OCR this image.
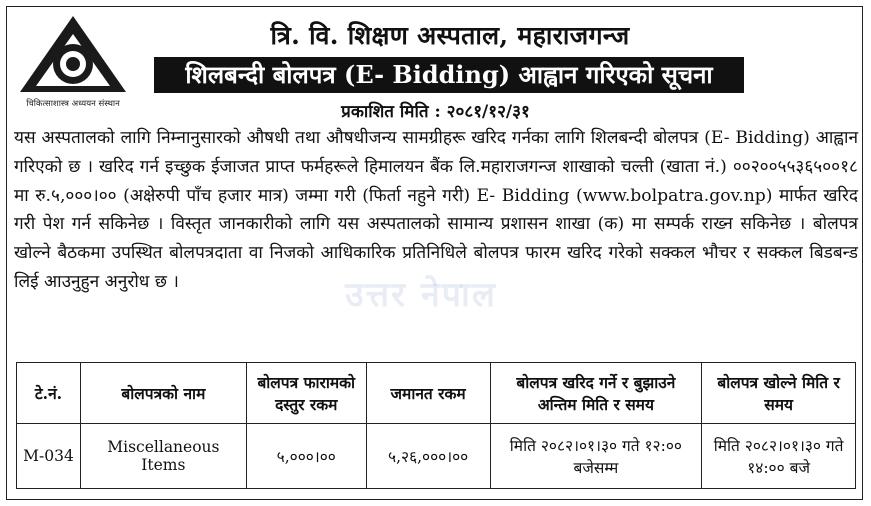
चिकित्साशास्त्र अध्ययन संस्थान
त्रि. वि. शिक्षण अस्पताल, महाराजगन्ज
शिलबन्दी बोलपत्र (E- Bidding) आह्वान गरिएको सूचना
प्रकाशित मिति : २०८१/१२/३१
यस अस्पतालको लागि निम्नानुसारको औषधी तथा औषधीजन्य सामग्रीहरू खरिद गर्नका लागि शिलबन्दी बोलपत्र (E- Bidding) आह्वान गरिएको छ । खरिद गर्न इच्छुक ईजाजत प्राप्त फर्महरूले हिमालयन बैंक लि.महाराजगन्ज शाखाको चल्ती (खाता नं.) ००२००५५३६५००१८ मा रु.५,०००।०० (अक्षेरुपी पाँच हजार मात्र) जम्मा गरी (फिर्ता नहुने गरी) E- Bidding (www.bolpatra.gov.np) मार्फत खरिद गरी पेश गर्न सकिनेछ । विस्तृत जानकारीको लागि यस अस्पतालको सामान्य प्रशासन शाखा (क) मा सम्पर्क राख्न सकिनेछ । बोलपत्र खोल्ने बैठकमा उपस्थित बोलपत्रदाता वा निजको आधिकारिक प्रतिनिधिले बोलपत्र फारम खरिद गरेको सक्कल भौचर र सक्कल बिडबन्ड लिई आउनुहुन अनुरोध छ ।	उत्तर नेपाल
टे.नं.	बोलपत्रको नाम	बोलपत्र फारामको दस्तुर रकम	जमानत रकम	बोलपत्र खरिद गर्ने र बुझाउने अन्तिम मिति र समय	बोलपत्र खोल्ने मिति र समय
M-034	Miscellaneous Items	५,०००।००	५,२६,०००।००	मिति २०८२।०१।३० गते १२:०० बजेसम्म	मिति २०८२।०१।३० गते १४:०० बजे
